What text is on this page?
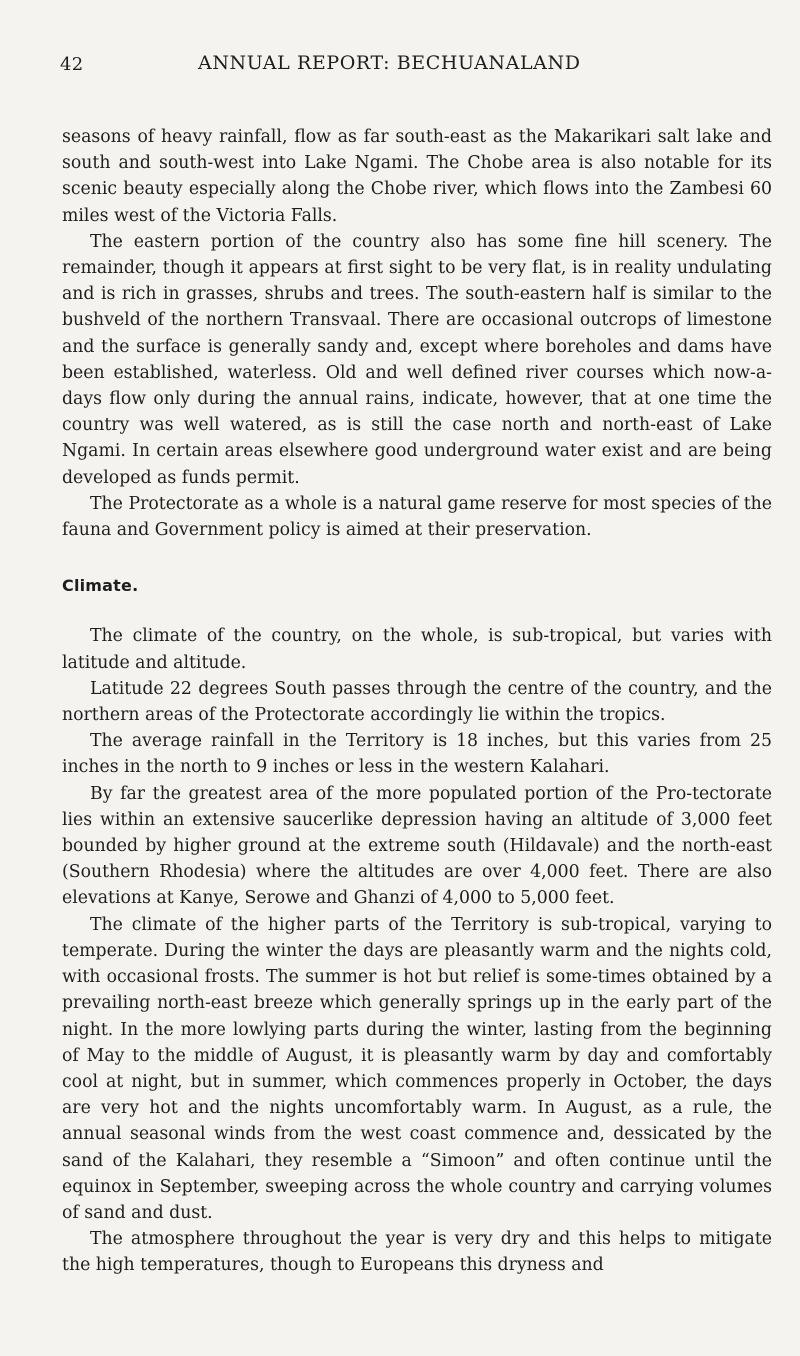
42	ANNUAL REPORT: BECHUANALAND

seasons of heavy rainfall, flow as far south-east as the Makarikari salt lake and south and south-west into Lake Ngami. The Chobe area is also notable for its scenic beauty especially along the Chobe river, which flows into the Zambesi 60 miles west of the Victoria Falls.

The eastern portion of the country also has some fine hill scenery. The remainder, though it appears at first sight to be very flat, is in reality undulating and is rich in grasses, shrubs and trees. The south-eastern half is similar to the bushveld of the northern Transvaal. There are occasional outcrops of limestone and the surface is generally sandy and, except where boreholes and dams have been established, waterless. Old and well defined river courses which now-a-days flow only during the annual rains, indicate, however, that at one time the country was well watered, as is still the case north and north-east of Lake Ngami. In certain areas elsewhere good underground water exist and are being developed as funds permit.

The Protectorate as a whole is a natural game reserve for most species of the fauna and Government policy is aimed at their preservation.

Climate.

The climate of the country, on the whole, is sub-tropical, but varies with latitude and altitude.

Latitude 22 degrees South passes through the centre of the country, and the northern areas of the Protectorate accordingly lie within the tropics.

The average rainfall in the Territory is 18 inches, but this varies from 25 inches in the north to 9 inches or less in the western Kalahari.

By far the greatest area of the more populated portion of the Pro-tectorate lies within an extensive saucerlike depression having an altitude of 3,000 feet bounded by higher ground at the extreme south (Hildavale) and the north-east (Southern Rhodesia) where the altitudes are over 4,000 feet. There are also elevations at Kanye, Serowe and Ghanzi of 4,000 to 5,000 feet.

The climate of the higher parts of the Territory is sub-tropical, varying to temperate. During the winter the days are pleasantly warm and the nights cold, with occasional frosts. The summer is hot but relief is some-times obtained by a prevailing north-east breeze which generally springs up in the early part of the night. In the more lowlying parts during the winter, lasting from the beginning of May to the middle of August, it is pleasantly warm by day and comfortably cool at night, but in summer, which commences properly in October, the days are very hot and the nights uncomfortably warm. In August, as a rule, the annual seasonal winds from the west coast commence and, dessicated by the sand of the Kalahari, they resemble a “Simoon” and often continue until the equinox in September, sweeping across the whole country and carrying volumes of sand and dust.

The atmosphere throughout the year is very dry and this helps to mitigate the high temperatures, though to Europeans this dryness and
